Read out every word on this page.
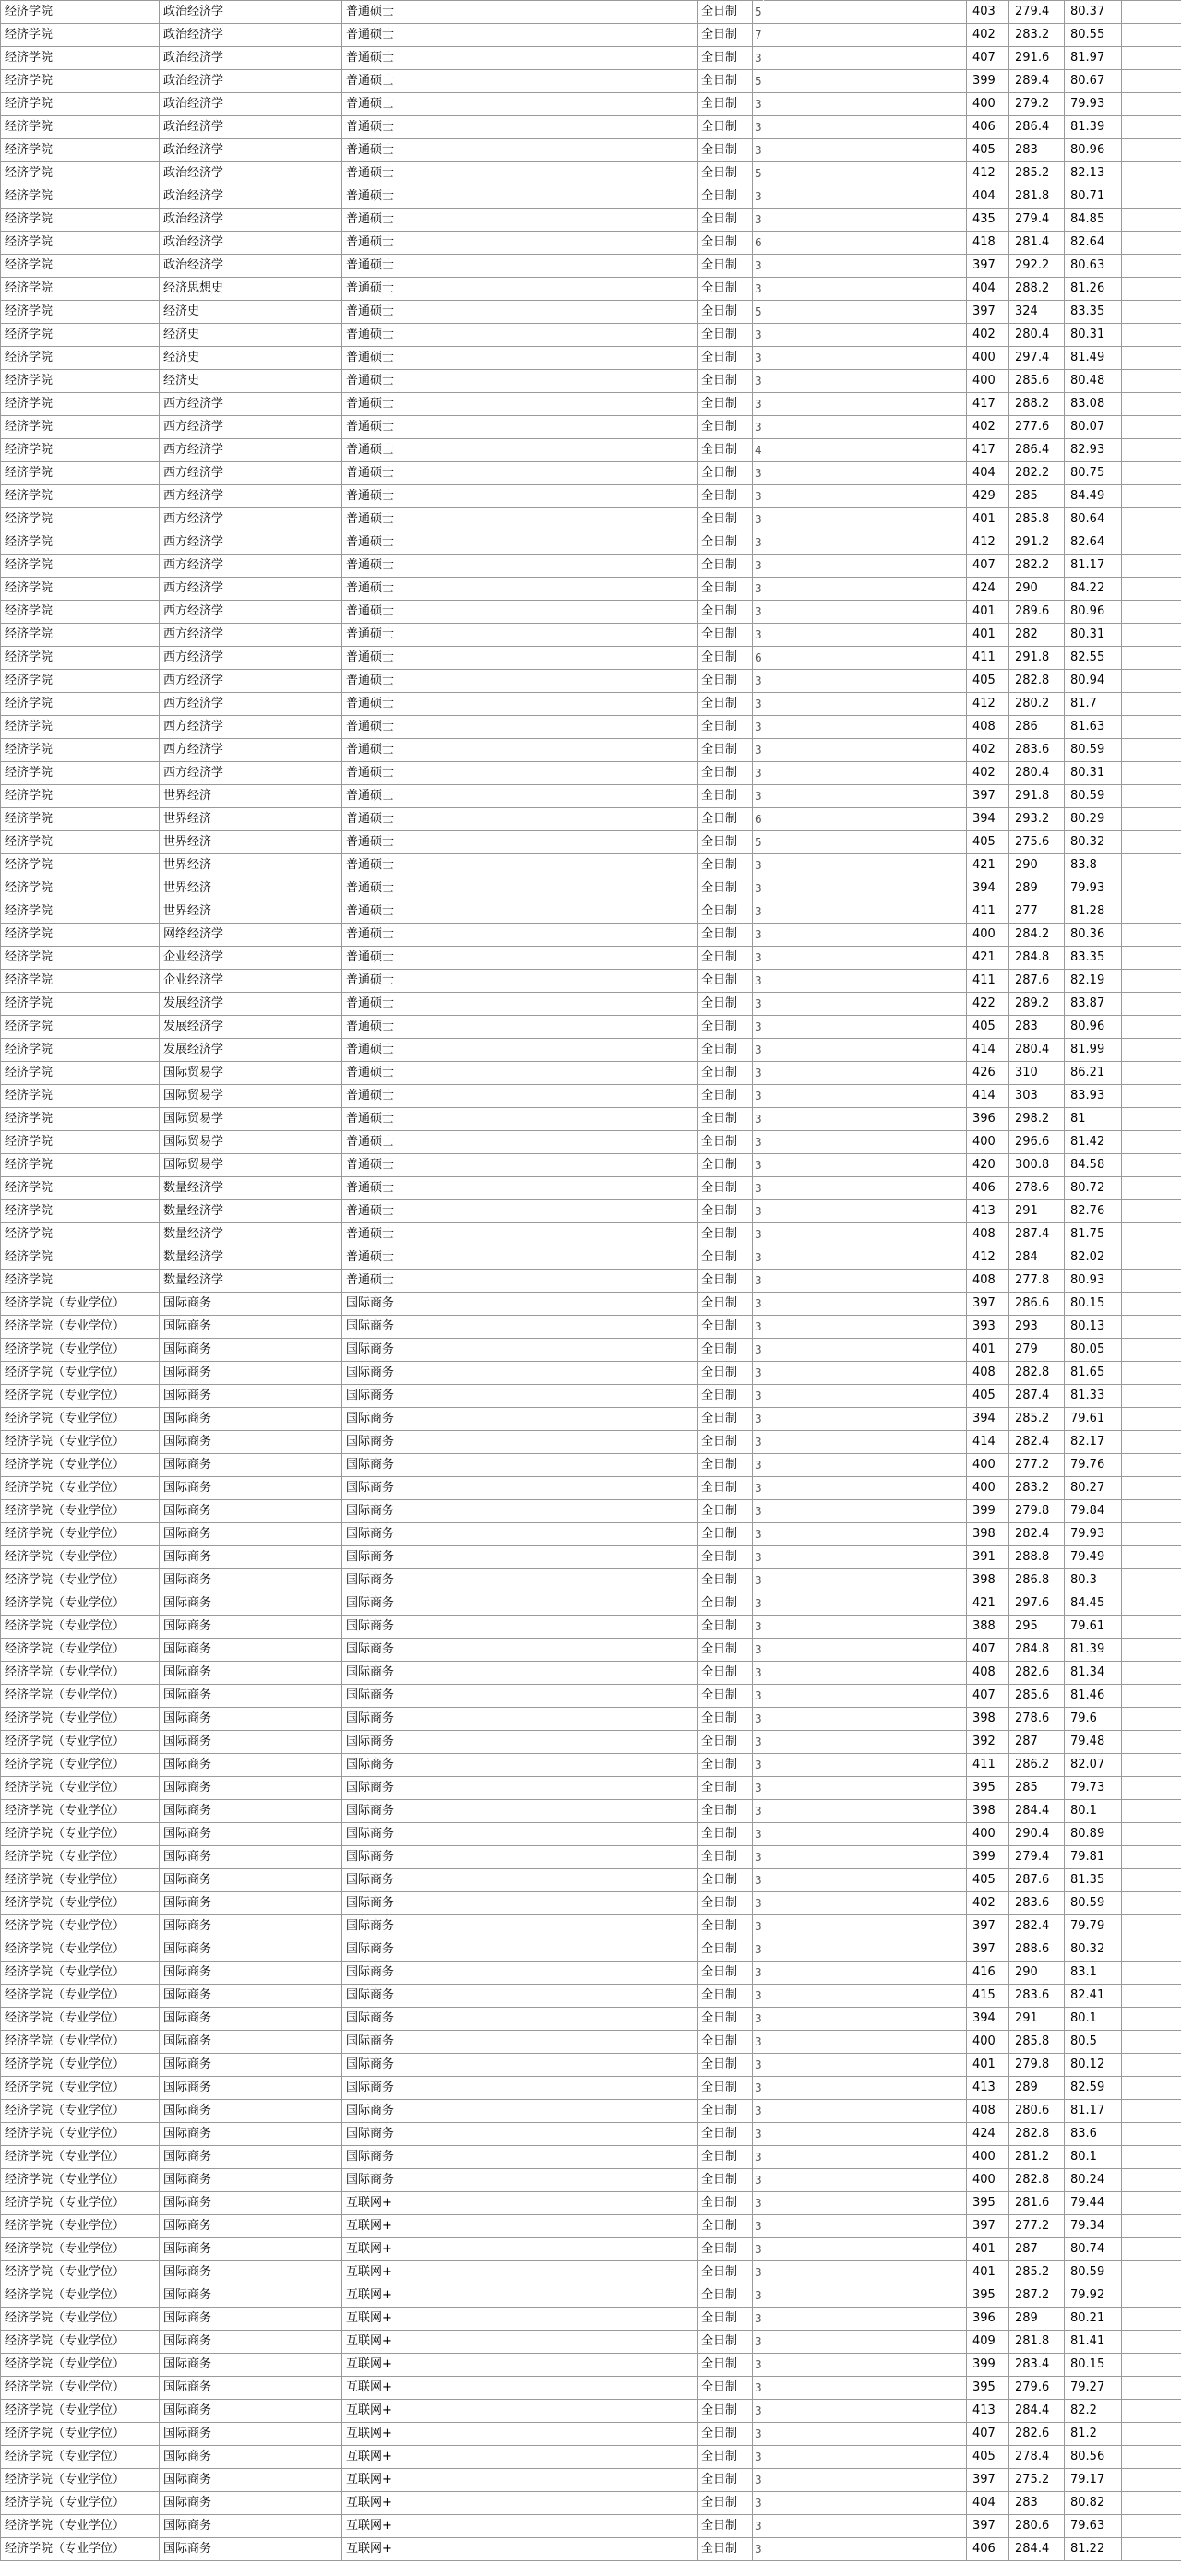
经济学院	政治经济学	普通硕士	全日制	5		403	279.4	80.37	
经济学院	政治经济学	普通硕士	全日制	7		402	283.2	80.55	
经济学院	政治经济学	普通硕士	全日制	3		407	291.6	81.97	
经济学院	政治经济学	普通硕士	全日制	5		399	289.4	80.67	
经济学院	政治经济学	普通硕士	全日制	3		400	279.2	79.93	
经济学院	政治经济学	普通硕士	全日制	3		406	286.4	81.39	
经济学院	政治经济学	普通硕士	全日制	3		405	283	80.96	
经济学院	政治经济学	普通硕士	全日制	5		412	285.2	82.13	
经济学院	政治经济学	普通硕士	全日制	3		404	281.8	80.71	
经济学院	政治经济学	普通硕士	全日制	3		435	279.4	84.85	
经济学院	政治经济学	普通硕士	全日制	6		418	281.4	82.64	
经济学院	政治经济学	普通硕士	全日制	3		397	292.2	80.63	
经济学院	经济思想史	普通硕士	全日制	3		404	288.2	81.26	
经济学院	经济史	普通硕士	全日制	5		397	324	83.35	
经济学院	经济史	普通硕士	全日制	3		402	280.4	80.31	
经济学院	经济史	普通硕士	全日制	3		400	297.4	81.49	
经济学院	经济史	普通硕士	全日制	3		400	285.6	80.48	
经济学院	西方经济学	普通硕士	全日制	3		417	288.2	83.08	
经济学院	西方经济学	普通硕士	全日制	3		402	277.6	80.07	
经济学院	西方经济学	普通硕士	全日制	4		417	286.4	82.93	
经济学院	西方经济学	普通硕士	全日制	3		404	282.2	80.75	
经济学院	西方经济学	普通硕士	全日制	3		429	285	84.49	
经济学院	西方经济学	普通硕士	全日制	3		401	285.8	80.64	
经济学院	西方经济学	普通硕士	全日制	3		412	291.2	82.64	
经济学院	西方经济学	普通硕士	全日制	3		407	282.2	81.17	
经济学院	西方经济学	普通硕士	全日制	3		424	290	84.22	
经济学院	西方经济学	普通硕士	全日制	3		401	289.6	80.96	
经济学院	西方经济学	普通硕士	全日制	3		401	282	80.31	
经济学院	西方经济学	普通硕士	全日制	6		411	291.8	82.55	
经济学院	西方经济学	普通硕士	全日制	3		405	282.8	80.94	
经济学院	西方经济学	普通硕士	全日制	3		412	280.2	81.7	
经济学院	西方经济学	普通硕士	全日制	3		408	286	81.63	
经济学院	西方经济学	普通硕士	全日制	3		402	283.6	80.59	
经济学院	西方经济学	普通硕士	全日制	3		402	280.4	80.31	
经济学院	世界经济	普通硕士	全日制	3		397	291.8	80.59	
经济学院	世界经济	普通硕士	全日制	6		394	293.2	80.29	
经济学院	世界经济	普通硕士	全日制	5		405	275.6	80.32	
经济学院	世界经济	普通硕士	全日制	3		421	290	83.8	
经济学院	世界经济	普通硕士	全日制	3		394	289	79.93	
经济学院	世界经济	普通硕士	全日制	3		411	277	81.28	
经济学院	网络经济学	普通硕士	全日制	3		400	284.2	80.36	
经济学院	企业经济学	普通硕士	全日制	3		421	284.8	83.35	
经济学院	企业经济学	普通硕士	全日制	3		411	287.6	82.19	
经济学院	发展经济学	普通硕士	全日制	3		422	289.2	83.87	
经济学院	发展经济学	普通硕士	全日制	3		405	283	80.96	
经济学院	发展经济学	普通硕士	全日制	3		414	280.4	81.99	
经济学院	国际贸易学	普通硕士	全日制	3		426	310	86.21	
经济学院	国际贸易学	普通硕士	全日制	3		414	303	83.93	
经济学院	国际贸易学	普通硕士	全日制	3		396	298.2	81	
经济学院	国际贸易学	普通硕士	全日制	3		400	296.6	81.42	
经济学院	国际贸易学	普通硕士	全日制	3		420	300.8	84.58	
经济学院	数量经济学	普通硕士	全日制	3		406	278.6	80.72	
经济学院	数量经济学	普通硕士	全日制	3		413	291	82.76	
经济学院	数量经济学	普通硕士	全日制	3		408	287.4	81.75	
经济学院	数量经济学	普通硕士	全日制	3		412	284	82.02	
经济学院	数量经济学	普通硕士	全日制	3		408	277.8	80.93	
经济学院（专业学位）	国际商务	国际商务	全日制	3		397	286.6	80.15	
经济学院（专业学位）	国际商务	国际商务	全日制	3		393	293	80.13	
经济学院（专业学位）	国际商务	国际商务	全日制	3		401	279	80.05	
经济学院（专业学位）	国际商务	国际商务	全日制	3		408	282.8	81.65	
经济学院（专业学位）	国际商务	国际商务	全日制	3		405	287.4	81.33	
经济学院（专业学位）	国际商务	国际商务	全日制	3		394	285.2	79.61	
经济学院（专业学位）	国际商务	国际商务	全日制	3		414	282.4	82.17	
经济学院（专业学位）	国际商务	国际商务	全日制	3		400	277.2	79.76	
经济学院（专业学位）	国际商务	国际商务	全日制	3		400	283.2	80.27	
经济学院（专业学位）	国际商务	国际商务	全日制	3		399	279.8	79.84	
经济学院（专业学位）	国际商务	国际商务	全日制	3		398	282.4	79.93	
经济学院（专业学位）	国际商务	国际商务	全日制	3		391	288.8	79.49	
经济学院（专业学位）	国际商务	国际商务	全日制	3		398	286.8	80.3	
经济学院（专业学位）	国际商务	国际商务	全日制	3		421	297.6	84.45	
经济学院（专业学位）	国际商务	国际商务	全日制	3		388	295	79.61	
经济学院（专业学位）	国际商务	国际商务	全日制	3		407	284.8	81.39	
经济学院（专业学位）	国际商务	国际商务	全日制	3		408	282.6	81.34	
经济学院（专业学位）	国际商务	国际商务	全日制	3		407	285.6	81.46	
经济学院（专业学位）	国际商务	国际商务	全日制	3		398	278.6	79.6	
经济学院（专业学位）	国际商务	国际商务	全日制	3		392	287	79.48	
经济学院（专业学位）	国际商务	国际商务	全日制	3		411	286.2	82.07	
经济学院（专业学位）	国际商务	国际商务	全日制	3		395	285	79.73	
经济学院（专业学位）	国际商务	国际商务	全日制	3		398	284.4	80.1	
经济学院（专业学位）	国际商务	国际商务	全日制	3		400	290.4	80.89	
经济学院（专业学位）	国际商务	国际商务	全日制	3		399	279.4	79.81	
经济学院（专业学位）	国际商务	国际商务	全日制	3		405	287.6	81.35	
经济学院（专业学位）	国际商务	国际商务	全日制	3		402	283.6	80.59	
经济学院（专业学位）	国际商务	国际商务	全日制	3		397	282.4	79.79	
经济学院（专业学位）	国际商务	国际商务	全日制	3		397	288.6	80.32	
经济学院（专业学位）	国际商务	国际商务	全日制	3		416	290	83.1	
经济学院（专业学位）	国际商务	国际商务	全日制	3		415	283.6	82.41	
经济学院（专业学位）	国际商务	国际商务	全日制	3		394	291	80.1	
经济学院（专业学位）	国际商务	国际商务	全日制	3		400	285.8	80.5	
经济学院（专业学位）	国际商务	国际商务	全日制	3		401	279.8	80.12	
经济学院（专业学位）	国际商务	国际商务	全日制	3		413	289	82.59	
经济学院（专业学位）	国际商务	国际商务	全日制	3		408	280.6	81.17	
经济学院（专业学位）	国际商务	国际商务	全日制	3		424	282.8	83.6	
经济学院（专业学位）	国际商务	国际商务	全日制	3		400	281.2	80.1	
经济学院（专业学位）	国际商务	国际商务	全日制	3		400	282.8	80.24	
经济学院（专业学位）	国际商务	互联网+	全日制	3		395	281.6	79.44	
经济学院（专业学位）	国际商务	互联网+	全日制	3		397	277.2	79.34	
经济学院（专业学位）	国际商务	互联网+	全日制	3		401	287	80.74	
经济学院（专业学位）	国际商务	互联网+	全日制	3		401	285.2	80.59	
经济学院（专业学位）	国际商务	互联网+	全日制	3		395	287.2	79.92	
经济学院（专业学位）	国际商务	互联网+	全日制	3		396	289	80.21	
经济学院（专业学位）	国际商务	互联网+	全日制	3		409	281.8	81.41	
经济学院（专业学位）	国际商务	互联网+	全日制	3		399	283.4	80.15	
经济学院（专业学位）	国际商务	互联网+	全日制	3		395	279.6	79.27	
经济学院（专业学位）	国际商务	互联网+	全日制	3		413	284.4	82.2	
经济学院（专业学位）	国际商务	互联网+	全日制	3		407	282.6	81.2	
经济学院（专业学位）	国际商务	互联网+	全日制	3		405	278.4	80.56	
经济学院（专业学位）	国际商务	互联网+	全日制	3		397	275.2	79.17	
经济学院（专业学位）	国际商务	互联网+	全日制	3		404	283	80.82	
经济学院（专业学位）	国际商务	互联网+	全日制	3		397	280.6	79.63	
经济学院（专业学位）	国际商务	互联网+	全日制	3		406	284.4	81.22	
